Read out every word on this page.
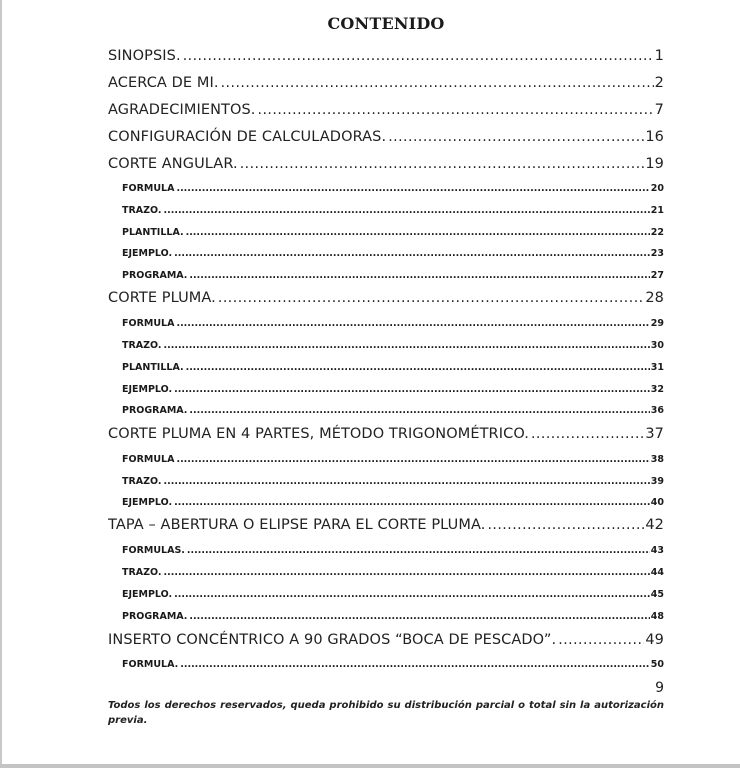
CONTENIDO
SINOPSIS. .....	1
ACERCA DE MI. .....	2
AGRADECIMIENTOS. .....	7
CONFIGURACIÓN DE CALCULADORAS. .....	16
CORTE ANGULAR. .....	19
FORMULA .....	20
TRAZO. .....	21
PLANTILLA. .....	22
EJEMPLO. .....	23
PROGRAMA. .....	27
CORTE PLUMA. .....	28
FORMULA .....	29
TRAZO. .....	30
PLANTILLA. .....	31
EJEMPLO. .....	32
PROGRAMA. .....	36
CORTE PLUMA EN 4 PARTES, MÉTODO TRIGONOMÉTRICO. .....	37
FORMULA .....	38
TRAZO. .....	39
EJEMPLO. .....	40
TAPA – ABERTURA O ELIPSE PARA EL CORTE PLUMA. .....	42
FORMULAS. .....	43
TRAZO. .....	44
EJEMPLO. .....	45
PROGRAMA. .....	48
INSERTO CONCÉNTRICO A 90 GRADOS “BOCA DE PESCADO”. .....	49
FORMULA. .....	50
9
Todos los derechos reservados, queda prohibido su distribución parcial o total sin la autorización previa.
